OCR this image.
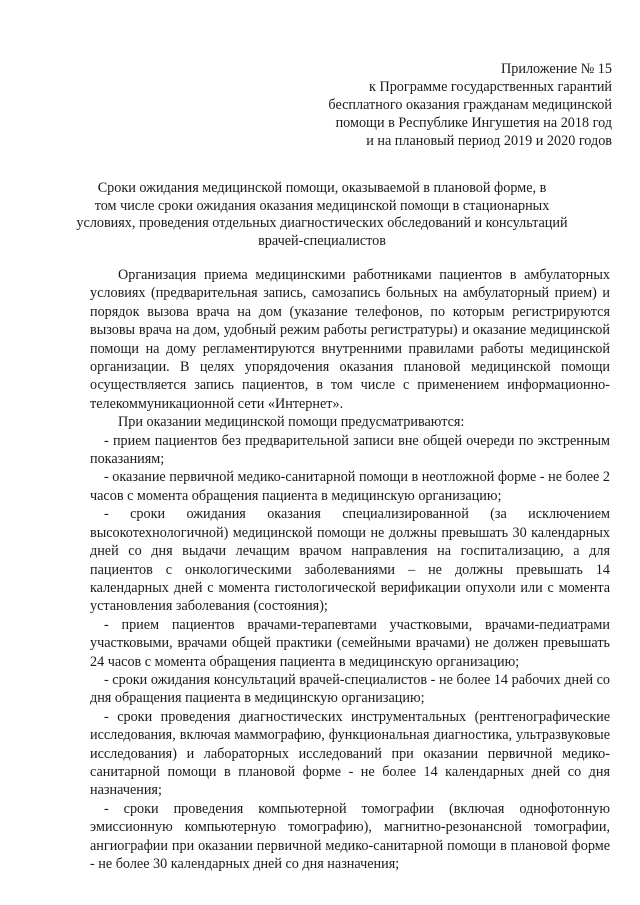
Приложение № 15
к Программе государственных гарантий
бесплатного оказания гражданам медицинской
помощи в Республике Ингушетия на 2018 год
и на плановый период 2019 и 2020 годов
Сроки ожидания медицинской помощи, оказываемой в плановой форме, в
том числе сроки ожидания оказания медицинской помощи в стационарных
условиях, проведения отдельных диагностических обследований и консультаций
врачей-специалистов

Организация приема медицинскими работниками пациентов в амбулаторных условиях (предварительная запись, самозапись больных на амбулаторный прием) и порядок вызова врача на дом (указание телефонов, по которым регистрируются вызовы врача на дом, удобный режим работы регистратуры) и оказание медицинской помощи на дому регламентируются внутренними правилами работы медицинской организации. В целях упорядочения оказания плановой медицинской помощи осуществляется запись пациентов, в том числе с применением информационно-телекоммуникационной сети «Интернет».

При оказании медицинской помощи предусматриваются:

- прием пациентов без предварительной записи вне общей очереди по экстренным показаниям;

- оказание первичной медико-санитарной помощи в неотложной форме - не более 2 часов с момента обращения пациента в медицинскую организацию;

- сроки ожидания оказания специализированной (за исключением высокотехнологичной) медицинской помощи не должны превышать 30 календарных дней со дня выдачи лечащим врачом направления на госпитализацию, а для пациентов с онкологическими заболеваниями – не должны превышать 14 календарных дней с момента гистологической верификации опухоли или с момента установления заболевания (состояния);

- прием пациентов врачами-терапевтами участковыми, врачами-педиатрами участковыми, врачами общей практики (семейными врачами) не должен превышать 24 часов с момента обращения пациента в медицинскую организацию;

- сроки ожидания консультаций врачей-специалистов - не более 14 рабочих дней со дня обращения пациента в медицинскую организацию;

- сроки проведения диагностических инструментальных (рентгенографические исследования, включая маммографию, функциональная диагностика, ультразвуковые исследования) и лабораторных исследований при оказании первичной медико-санитарной помощи в плановой форме - не более 14 календарных дней со дня назначения;

- сроки проведения компьютерной томографии (включая однофотонную эмиссионную компьютерную томографию), магнитно-резонансной томографии, ангиографии при оказании первичной медико-санитарной помощи в плановой форме - не более 30 календарных дней со дня назначения;
